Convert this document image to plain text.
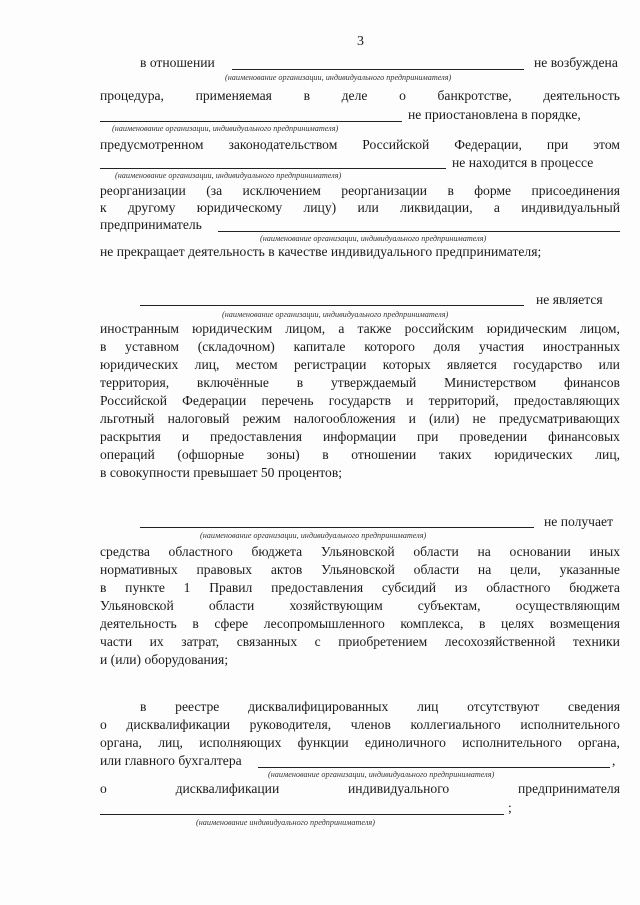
3
в отношении	не возбуждена
(наименование организации, индивидуального предпринимателя)
процедура, применяемая в деле о банкротстве, деятельность
не приостановлена в порядке,
(наименование организации, индивидуального предпринимателя)
предусмотренном законодательством Российской Федерации, при этом
не находится в процессе
(наименование организации, индивидуального предпринимателя)
реорганизации (за исключением реорганизации в форме присоединения
к другому юридическому лицу) или ликвидации, а индивидуальный
предприниматель
(наименование организации, индивидуального предпринимателя)
не прекращает деятельность в качестве индивидуального предпринимателя;
не является
(наименование организации, индивидуального предпринимателя)
иностранным юридическим лицом, а также российским юридическим лицом,
в уставном (складочном) капитале которого доля участия иностранных
юридических лиц, местом регистрации которых является государство или
территория, включённые в утверждаемый Министерством финансов
Российской Федерации перечень государств и территорий, предоставляющих
льготный налоговый режим налогообложения и (или) не предусматривающих
раскрытия и предоставления информации при проведении финансовых
операций (офшорные зоны) в отношении таких юридических лиц,
в совокупности превышает 50 процентов;
не получает
(наименование организации, индивидуального предпринимателя)
средства областного бюджета Ульяновской области на основании иных
нормативных правовых актов Ульяновской области на цели, указанные
в пункте 1 Правил предоставления субсидий из областного бюджета
Ульяновской	области	хозяйствующим	субъектам,	осуществляющим
деятельность в сфере лесопромышленного комплекса, в целях возмещения
части их затрат, связанных с приобретением лесохозяйственной техники
и (или) оборудования;
в реестре дисквалифицированных лиц отсутствуют сведения
о дисквалификации руководителя, членов коллегиального исполнительного
органа, лиц, исполняющих функции единоличного исполнительного органа,
или главного бухгалтера	,
(наименование организации, индивидуального предпринимателя)
о	дисквалификации	индивидуального	предпринимателя
;
(наименование индивидуального предпринимателя)
